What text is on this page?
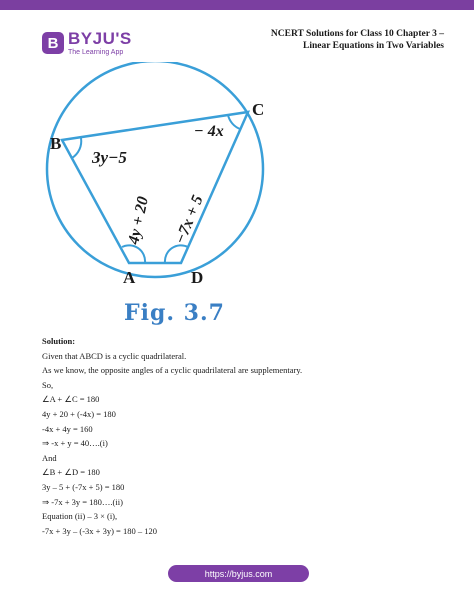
B BYJU'S
The Learning App
NCERT Solutions for Class 10 Chapter 3 –
Linear Equations in Two Variables
B
C
A	D
3y−5
− 4x
4y + 20 −7x + 5
Fig. 3.7
Solution:
Given that ABCD is a cyclic quadrilateral.
As we know, the opposite angles of a cyclic quadrilateral are supplementary.
So,
∠A + ∠C = 180
4y + 20 + (-4x) = 180
-4x + 4y = 160
⇒ -x + y = 40….(i)
And
∠B + ∠D = 180
3y – 5 + (-7x + 5) = 180
⇒ -7x + 3y = 180….(ii)
Equation (ii) – 3 × (i),
-7x + 3y – (-3x + 3y) = 180 – 120
https://byjus.com
